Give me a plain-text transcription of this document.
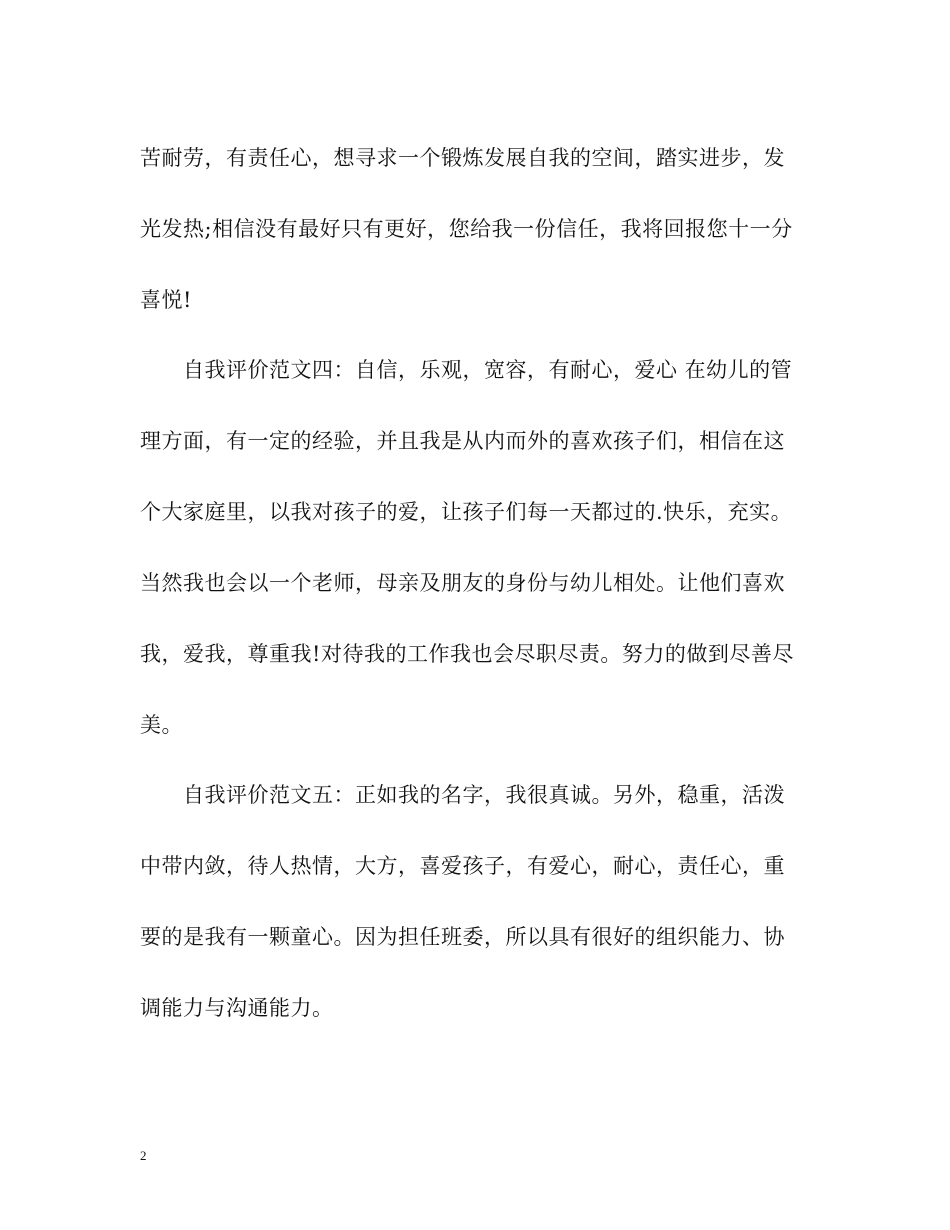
苦耐劳，有责任心，想寻求一个锻炼发展自我的空间，踏实进步，发
光发热;相信没有最好只有更好，您给我一份信任，我将回报您十一分
喜悦!
自我评价范文四：自信，乐观，宽容，有耐心，爱心 在幼儿的管
理方面，有一定的经验，并且我是从内而外的喜欢孩子们，相信在这
个大家庭里，以我对孩子的爱，让孩子们每一天都过的.快乐，充实。
当然我也会以一个老师，母亲及朋友的身份与幼儿相处。让他们喜欢
我，爱我，尊重我!对待我的工作我也会尽职尽责。努力的做到尽善尽
美。
自我评价范文五：正如我的名字，我很真诚。另外，稳重，活泼
中带内敛，待人热情，大方，喜爱孩子，有爱心，耐心，责任心，重
要的是我有一颗童心。因为担任班委，所以具有很好的组织能力、协
调能力与沟通能力。
2
